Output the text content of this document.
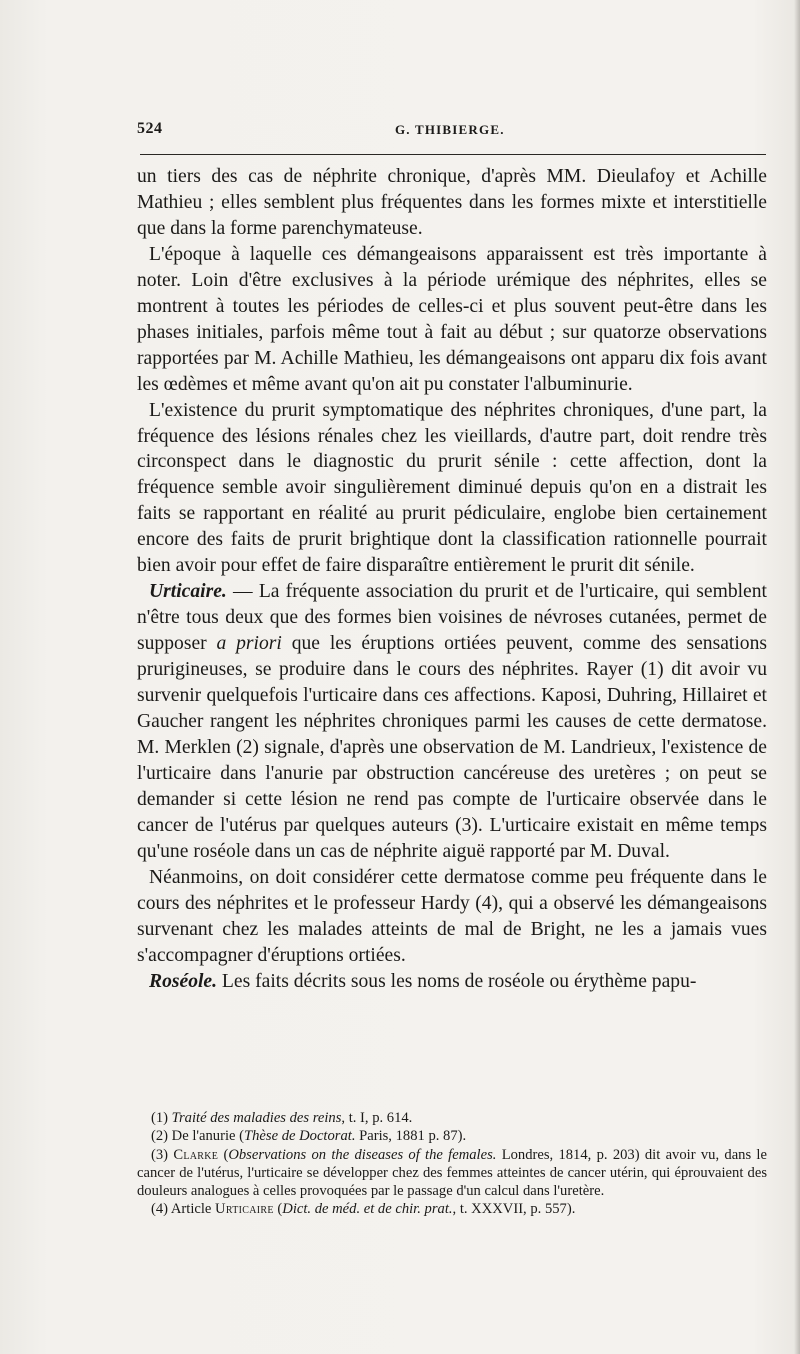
524	G. THIBIERGE.

un tiers des cas de néphrite chronique, d'après MM. Dieulafoy et Achille Mathieu ; elles semblent plus fréquentes dans les formes mixte et interstitielle que dans la forme parenchymateuse.

L'époque à laquelle ces démangeaisons apparaissent est très importante à noter. Loin d'être exclusives à la période urémique des néphrites, elles se montrent à toutes les périodes de celles-ci et plus souvent peut-être dans les phases initiales, parfois même tout à fait au début ; sur quatorze observations rapportées par M. Achille Mathieu, les démangeaisons ont apparu dix fois avant les œdèmes et même avant qu'on ait pu constater l'albuminurie.

L'existence du prurit symptomatique des néphrites chroniques, d'une part, la fréquence des lésions rénales chez les vieillards, d'autre part, doit rendre très circonspect dans le diagnostic du prurit sénile : cette affection, dont la fréquence semble avoir singulièrement diminué depuis qu'on en a distrait les faits se rapportant en réalité au prurit pédiculaire, englobe bien certainement encore des faits de prurit brightique dont la classification rationnelle pourrait bien avoir pour effet de faire disparaître entièrement le prurit dit sénile.

Urticaire. — La fréquente association du prurit et de l'urticaire, qui semblent n'être tous deux que des formes bien voisines de névroses cutanées, permet de supposer a priori que les éruptions ortiées peuvent, comme des sensations prurigineuses, se produire dans le cours des néphrites. Rayer (1) dit avoir vu survenir quelquefois l'urticaire dans ces affections. Kaposi, Duhring, Hillairet et Gaucher rangent les néphrites chroniques parmi les causes de cette dermatose. M. Merklen (2) signale, d'après une observation de M. Landrieux, l'existence de l'urticaire dans l'anurie par obstruction cancéreuse des uretères ; on peut se demander si cette lésion ne rend pas compte de l'urticaire observée dans le cancer de l'utérus par quelques auteurs (3). L'urticaire existait en même temps qu'une roséole dans un cas de néphrite aiguë rapporté par M. Duval.

Néanmoins, on doit considérer cette dermatose comme peu fréquente dans le cours des néphrites et le professeur Hardy (4), qui a observé les démangeaisons survenant chez les malades atteints de mal de Bright, ne les a jamais vues s'accompagner d'éruptions ortiées.

Roséole. Les faits décrits sous les noms de roséole ou érythème papu-

(1) Traité des maladies des reins, t. I, p. 614.

(2) De l'anurie (Thèse de Doctorat. Paris, 1881 p. 87).

(3) Clarke (Observations on the diseases of the females. Londres, 1814, p. 203) dit avoir vu, dans le cancer de l'utérus, l'urticaire se développer chez des femmes atteintes de cancer utérin, qui éprouvaient des douleurs analogues à celles provoquées par le passage d'un calcul dans l'uretère.

(4) Article Urticaire (Dict. de méd. et de chir. prat., t. XXXVII, p. 557).
